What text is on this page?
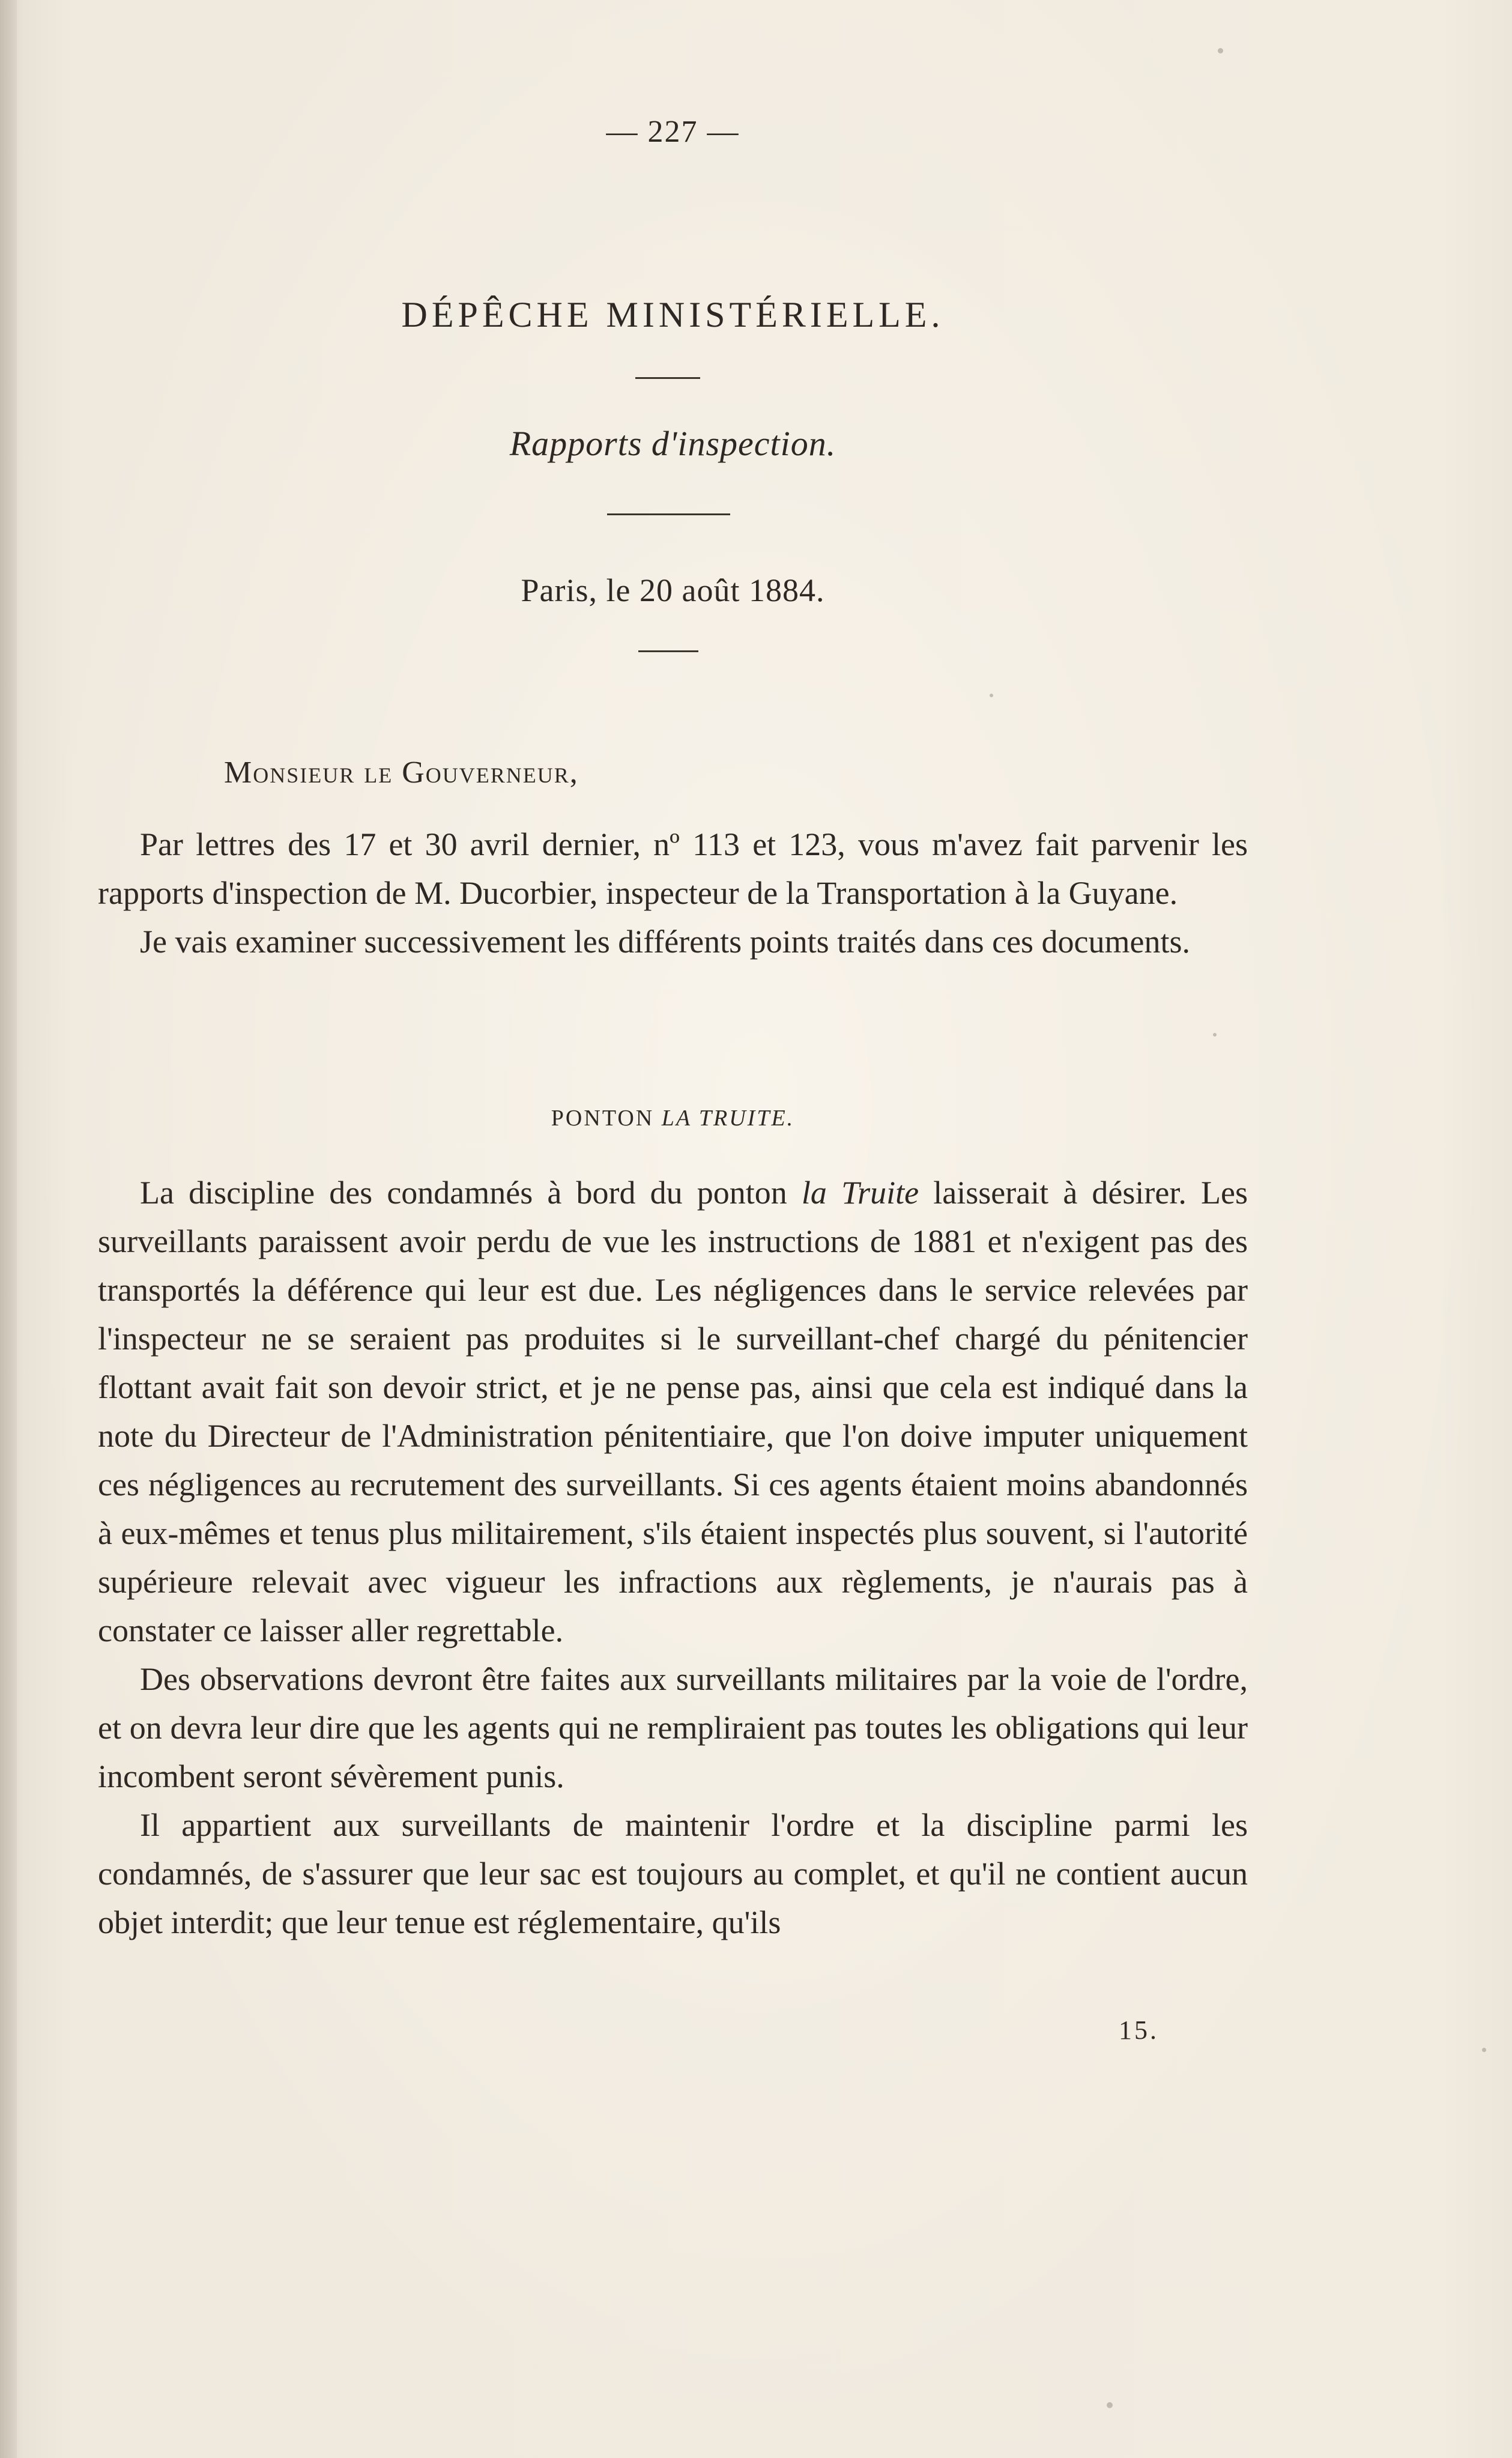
— 227 —
DÉPÊCHE MINISTÉRIELLE.
Rapports d'inspection.
Paris, le 20 août 1884.
Monsieur le Gouverneur,

Par lettres des 17 et 30 avril dernier, nº 113 et 123, vous m'avez fait parvenir les rapports d'inspection de M. Ducorbier, inspecteur de la Transportation à la Guyane.

Je vais examiner successivement les différents points traités dans ces documents.

PONTON LA TRUITE.

La discipline des condamnés à bord du ponton la Truite laisserait à désirer. Les surveillants paraissent avoir perdu de vue les instructions de 1881 et n'exigent pas des transportés la déférence qui leur est due. Les négligences dans le service relevées par l'inspecteur ne se seraient pas produites si le surveillant-chef chargé du pénitencier flottant avait fait son devoir strict, et je ne pense pas, ainsi que cela est indiqué dans la note du Directeur de l'Administration pénitentiaire, que l'on doive imputer uniquement ces négligences au recrutement des surveillants. Si ces agents étaient moins abandonnés à eux-mêmes et tenus plus militairement, s'ils étaient inspectés plus souvent, si l'autorité supérieure relevait avec vigueur les infractions aux règlements, je n'aurais pas à constater ce laisser aller regrettable.

Des observations devront être faites aux surveillants militaires par la voie de l'ordre, et on devra leur dire que les agents qui ne rempliraient pas toutes les obligations qui leur incombent seront sévèrement punis.

Il appartient aux surveillants de maintenir l'ordre et la discipline parmi les condamnés, de s'assurer que leur sac est toujours au complet, et qu'il ne contient aucun objet interdit; que leur tenue est réglementaire, qu'ils

15.
